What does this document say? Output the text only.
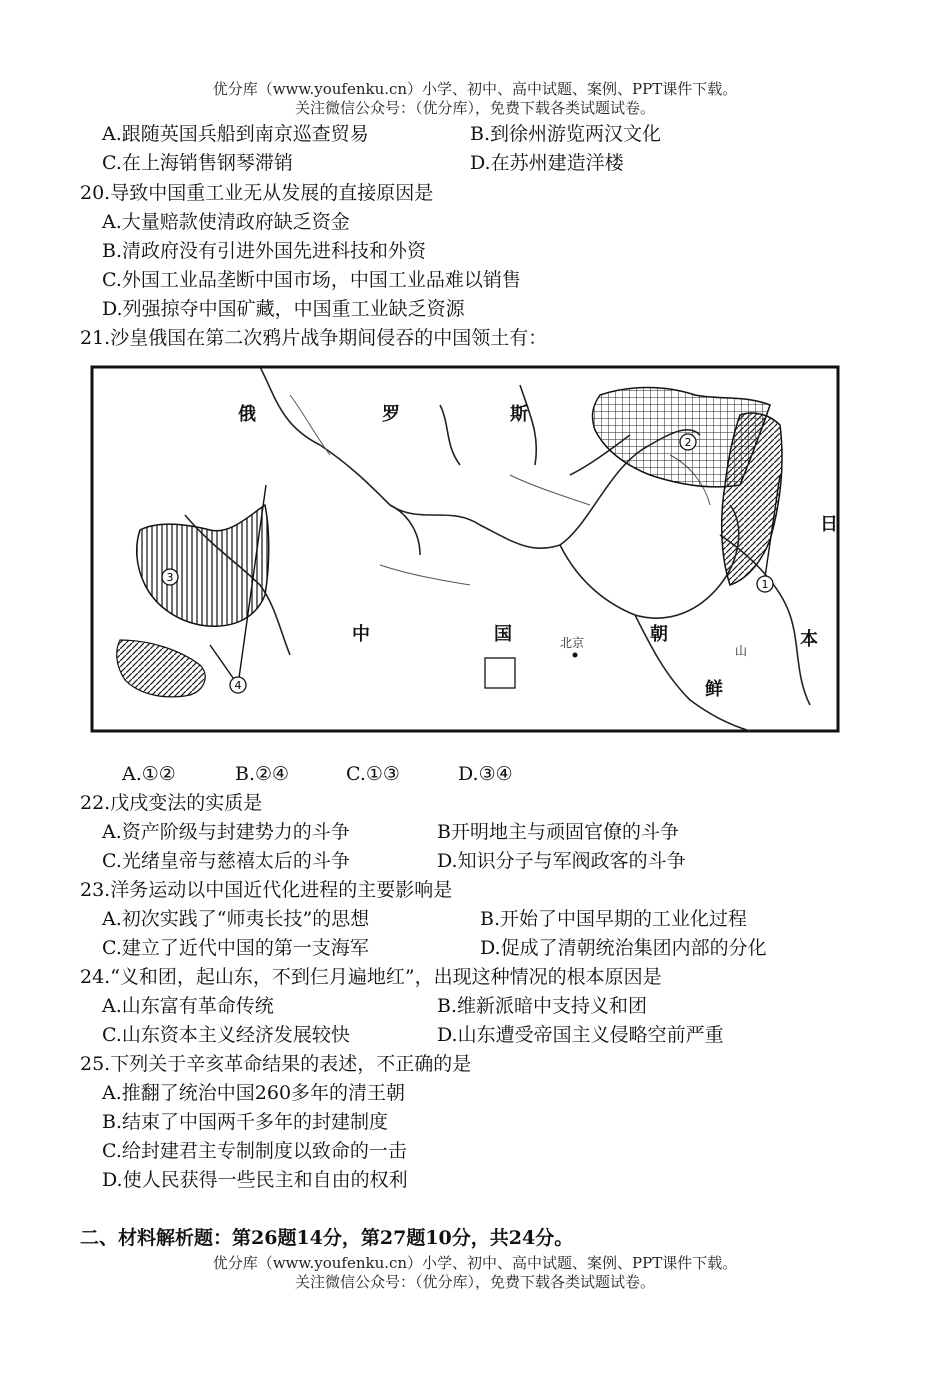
优分库（www.youfenku.cn）小学、初中、高中试题、案例、PPT课件下载。
关注微信公众号：（优分库），免费下载各类试题试卷。
A.跟随英国兵船到南京巡查贸易	B.到徐州游览两汉文化
C.在上海销售钢琴滞销	D.在苏州建造洋楼
20.导致中国重工业无从发展的直接原因是
A.大量赔款使清政府缺乏资金
B.清政府没有引进外国先进科技和外资
C.外国工业品垄断中国市场，中国工业品难以销售
D.列强掠夺中国矿藏，中国重工业缺乏资源
21.沙皇俄国在第二次鸦片战争期间侵吞的中国领土有：
1
2
3
4
俄	罗	斯
中	国	朝
鲜
日
本
山
北京
A.①②	B.②④	C.①③	D.③④
22.戊戌变法的实质是
A.资产阶级与封建势力的斗争	B开明地主与顽固官僚的斗争
C.光绪皇帝与慈禧太后的斗争	D.知识分子与军阀政客的斗争
23.洋务运动以中国近代化进程的主要影响是
A.初次实践了“师夷长技”的思想	B.开始了中国早期的工业化过程
C.建立了近代中国的第一支海军	D.促成了清朝统治集团内部的分化
24.“义和团，起山东，不到仨月遍地红”，出现这种情况的根本原因是
A.山东富有革命传统	B.维新派暗中支持义和团
C.山东资本主义经济发展较快	D.山东遭受帝国主义侵略空前严重
25.下列关于辛亥革命结果的表述，不正确的是
A.推翻了统治中国260多年的清王朝
B.结束了中国两千多年的封建制度
C.给封建君主专制制度以致命的一击
D.使人民获得一些民主和自由的权利
二、材料解析题：第26题14分，第27题10分，共24分。
优分库（www.youfenku.cn）小学、初中、高中试题、案例、PPT课件下载。
关注微信公众号：（优分库），免费下载各类试题试卷。
